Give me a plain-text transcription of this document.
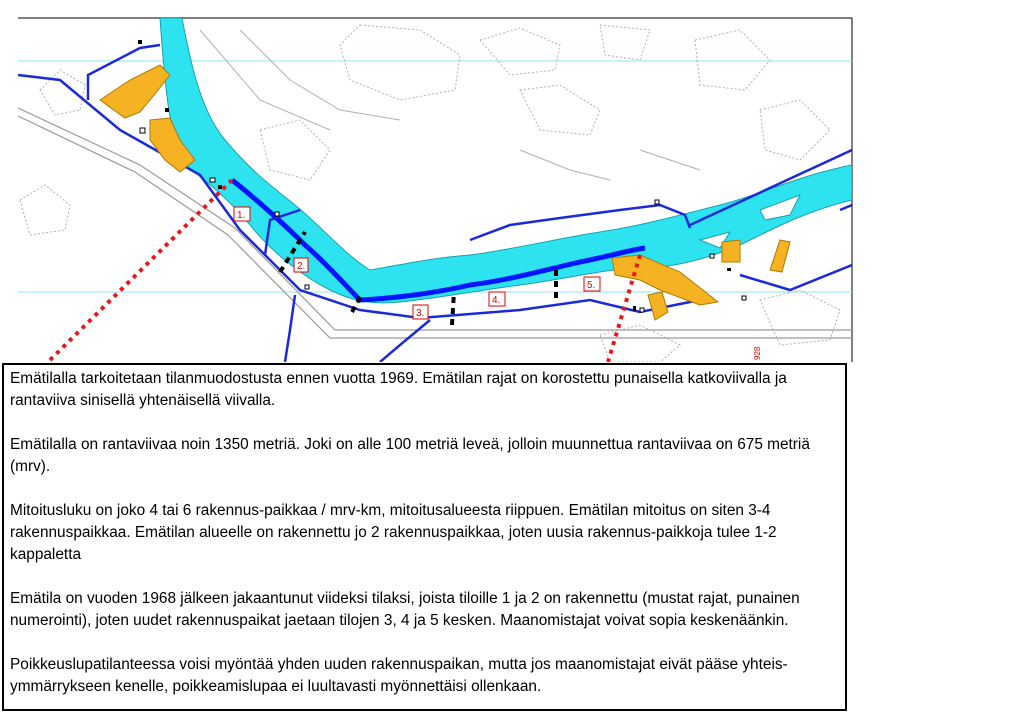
1.
2.
3.
4.
5.
928

Emätilalla tarkoitetaan tilanmuodostusta ennen vuotta 1969. Emätilan rajat on korostettu punaisella katkoviivalla ja rantaviiva sinisellä yhtenäisellä viivalla.

Emätilalla on rantaviivaa noin 1350 metriä. Joki on alle 100 metriä leveä, jolloin muunnettua rantaviivaa on 675 metriä (mrv).

Mitoitusluku on joko 4 tai 6 rakennus-paikkaa / mrv-km, mitoitusalueesta riippuen. Emätilan mitoitus on siten 3-4 rakennuspaikkaa. Emätilan alueelle on rakennettu jo 2 rakennuspaikkaa, joten uusia rakennus-paikkoja tulee 1-2 kappaletta

Emätila on vuoden 1968 jälkeen jakaantunut viideksi tilaksi, joista tiloille 1 ja 2 on rakennettu (mustat rajat, punainen numerointi), joten uudet rakennuspaikat jaetaan tilojen 3, 4 ja 5 kesken. Maanomistajat voivat sopia keskenäänkin.

Poikkeuslupatilanteessa voisi myöntää yhden uuden rakennuspaikan, mutta jos maanomistajat eivät pääse yhteis-ymmärrykseen kenelle, poikkeamislupaa ei luultavasti myönnettäisi ollenkaan.
